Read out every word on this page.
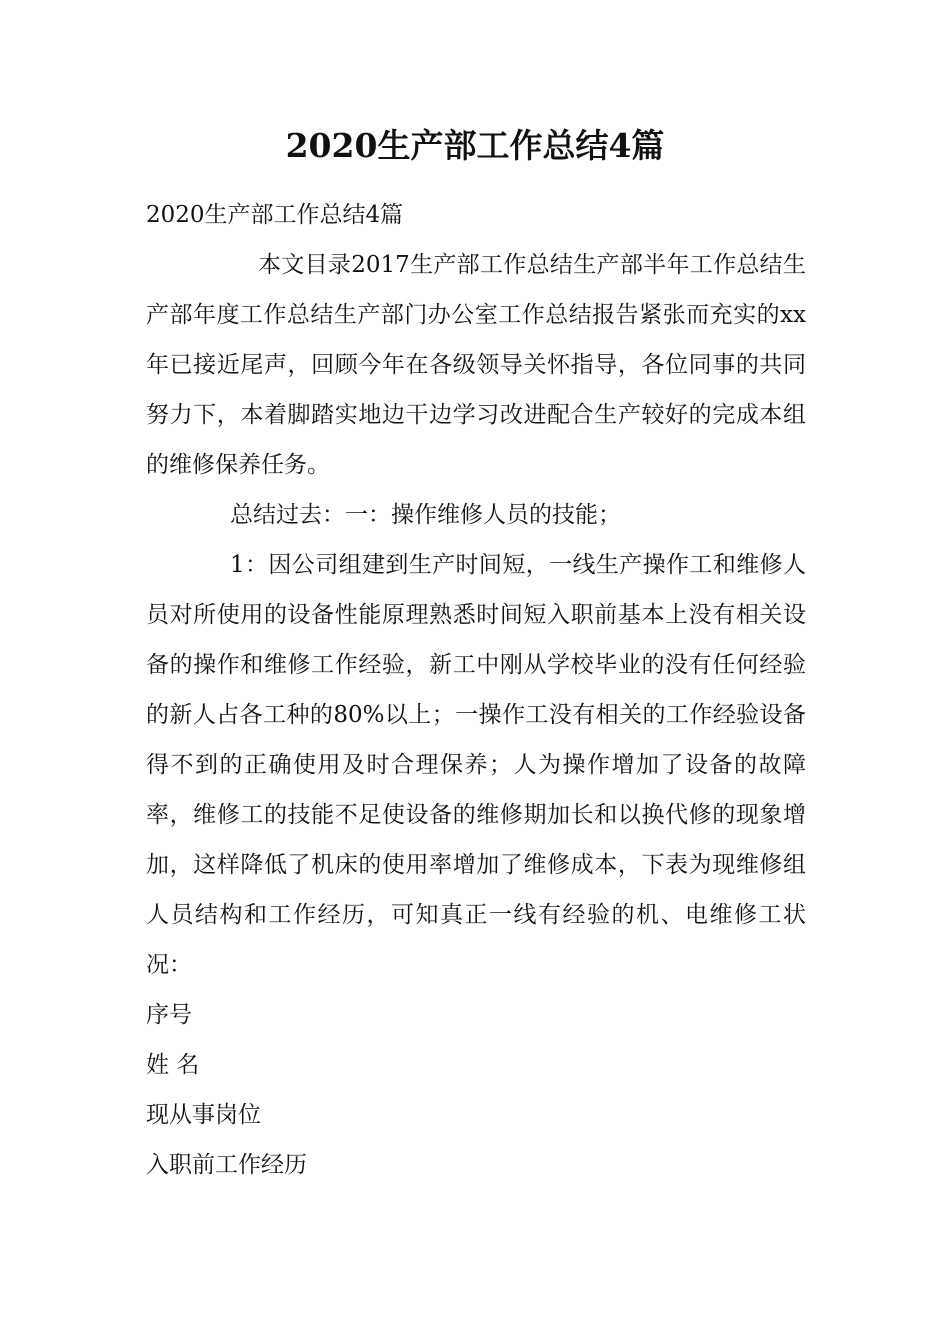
2020生产部工作总结4篇

2020生产部工作总结4篇

本文目录2017生产部工作总结生产部半年工作总结生产部年度工作总结生产部门办公室工作总结报告紧张而充实的xx年已接近尾声，回顾今年在各级领导关怀指导，各位同事的共同努力下，本着脚踏实地边干边学习改进配合生产较好的完成本组的维修保养任务。

总结过去：一：操作维修人员的技能；

1：因公司组建到生产时间短，一线生产操作工和维修人员对所使用的设备性能原理熟悉时间短入职前基本上没有相关设备的操作和维修工作经验，新工中刚从学校毕业的没有任何经验的新人占各工种的80%以上；一操作工没有相关的工作经验设备得不到的正确使用及时合理保养；人为操作增加了设备的故障率，维修工的技能不足使设备的维修期加长和以换代修的现象增加，这样降低了机床的使用率增加了维修成本，下表为现维修组人员结构和工作经历，可知真正一线有经验的机、电维修工状况：

序号

姓 名

现从事岗位

入职前工作经历
